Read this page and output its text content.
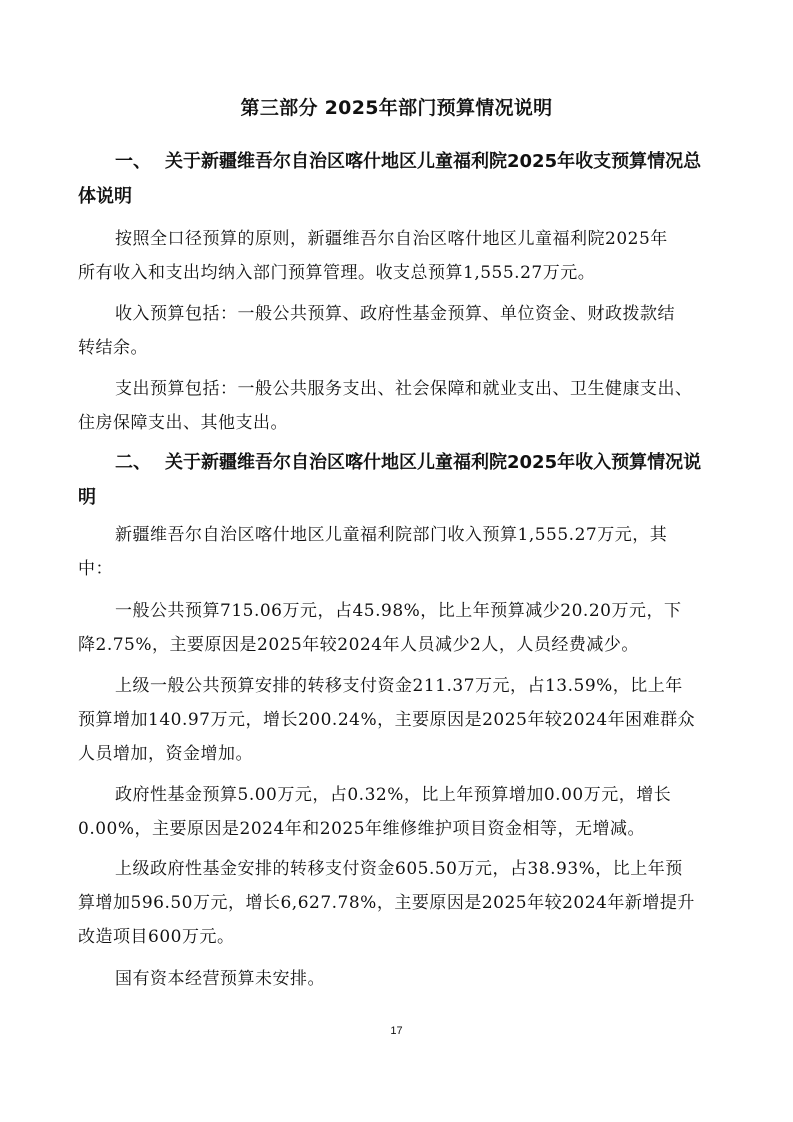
第三部分 2025年部门预算情况说明
一、 关于新疆维吾尔自治区喀什地区儿童福利院2025年收支预算情况总
体说明
按照全口径预算的原则，新疆维吾尔自治区喀什地区儿童福利院2025年
所有收入和支出均纳入部门预算管理。收支总预算1,555.27万元。
收入预算包括：一般公共预算、政府性基金预算、单位资金、财政拨款结
转结余。
支出预算包括：一般公共服务支出、社会保障和就业支出、卫生健康支出、
住房保障支出、其他支出。
二、 关于新疆维吾尔自治区喀什地区儿童福利院2025年收入预算情况说
明
新疆维吾尔自治区喀什地区儿童福利院部门收入预算1,555.27万元，其
中：
一般公共预算715.06万元，占45.98%，比上年预算减少20.20万元，下
降2.75%，主要原因是2025年较2024年人员减少2人，人员经费减少。
上级一般公共预算安排的转移支付资金211.37万元，占13.59%，比上年
预算增加140.97万元，增长200.24%，主要原因是2025年较2024年困难群众
人员增加，资金增加。
政府性基金预算5.00万元，占0.32%，比上年预算增加0.00万元，增长
0.00%，主要原因是2024年和2025年维修维护项目资金相等，无增减。
上级政府性基金安排的转移支付资金605.50万元，占38.93%，比上年预
算增加596.50万元，增长6,627.78%，主要原因是2025年较2024年新增提升
改造项目600万元。
国有资本经营预算未安排。
17
